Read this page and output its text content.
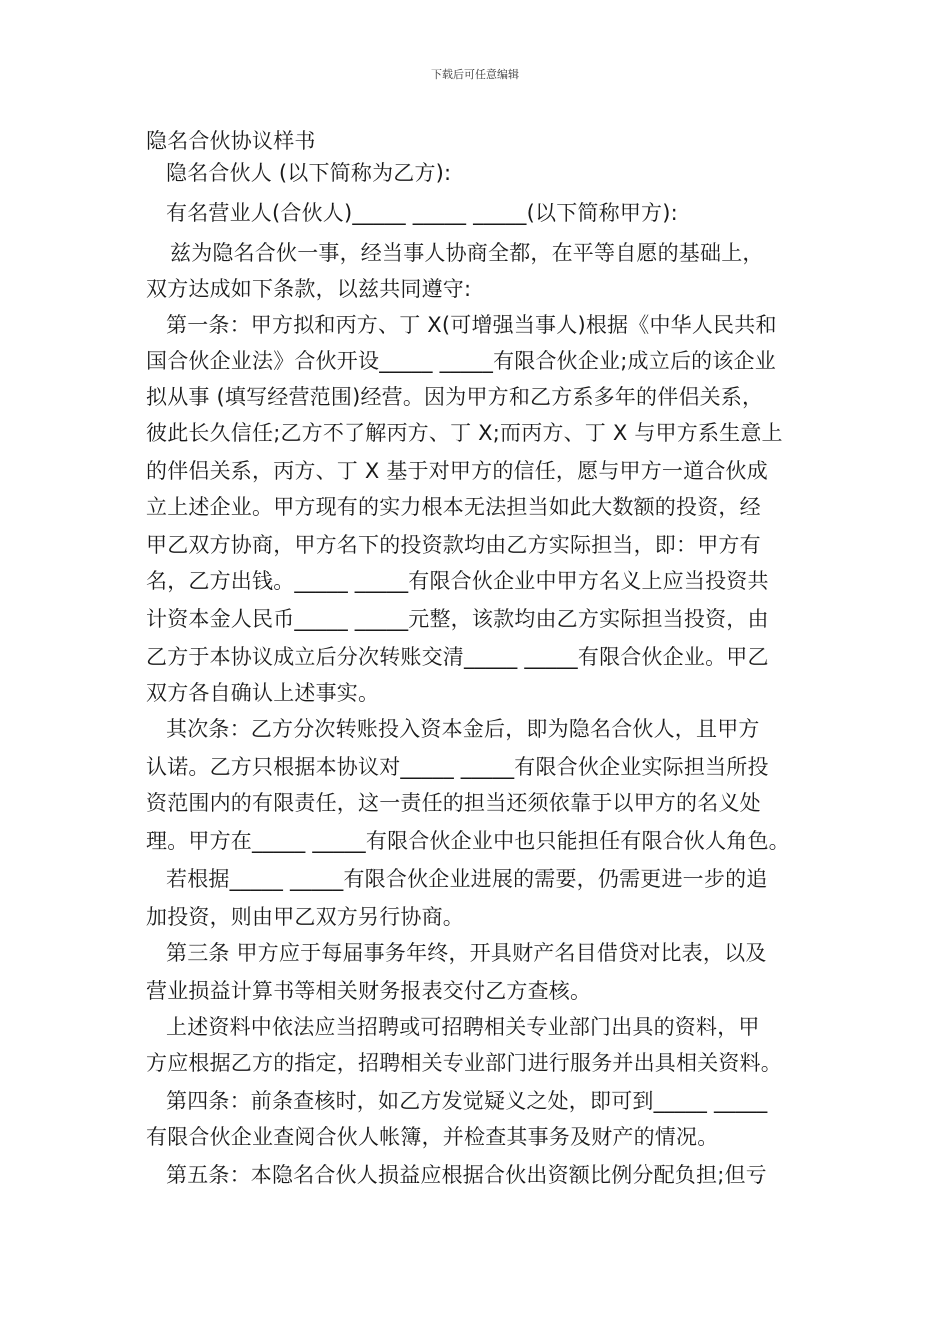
下载后可任意编辑
隐名合伙协议样书
隐名合伙人 (以下简称为乙方):
有名营业人(合伙人)_____ _____ _____(以下简称甲方):
兹为隐名合伙一事，经当事人协商全都，在平等自愿的基础上，
双方达成如下条款，以兹共同遵守:
第一条：甲方拟和丙方、丁 X(可增强当事人)根据《中华人民共和
国合伙企业法》合伙开设_____ _____有限合伙企业;成立后的该企业
拟从事 (填写经营范围)经营。因为甲方和乙方系多年的伴侣关系，
彼此长久信任;乙方不了解丙方、丁 X;而丙方、丁 X 与甲方系生意上
的伴侣关系，丙方、丁 X 基于对甲方的信任，愿与甲方一道合伙成
立上述企业。甲方现有的实力根本无法担当如此大数额的投资，经
甲乙双方协商，甲方名下的投资款均由乙方实际担当，即：甲方有
名，乙方出钱。_____ _____有限合伙企业中甲方名义上应当投资共
计资本金人民币_____ _____元整，该款均由乙方实际担当投资，由
乙方于本协议成立后分次转账交清_____ _____有限合伙企业。甲乙
双方各自确认上述事实。
其次条：乙方分次转账投入资本金后，即为隐名合伙人，且甲方
认诺。乙方只根据本协议对_____ _____有限合伙企业实际担当所投
资范围内的有限责任，这一责任的担当还须依靠于以甲方的名义处
理。甲方在_____ _____有限合伙企业中也只能担任有限合伙人角色。
若根据_____ _____有限合伙企业进展的需要，仍需更进一步的追
加投资，则由甲乙双方另行协商。
第三条 甲方应于每届事务年终，开具财产名目借贷对比表，以及
营业损益计算书等相关财务报表交付乙方查核。
上述资料中依法应当招聘或可招聘相关专业部门出具的资料，甲
方应根据乙方的指定，招聘相关专业部门进行服务并出具相关资料。
第四条：前条查核时，如乙方发觉疑义之处，即可到_____ _____
有限合伙企业查阅合伙人帐簿，并检查其事务及财产的情况。
第五条：本隐名合伙人损益应根据合伙出资额比例分配负担;但亏
